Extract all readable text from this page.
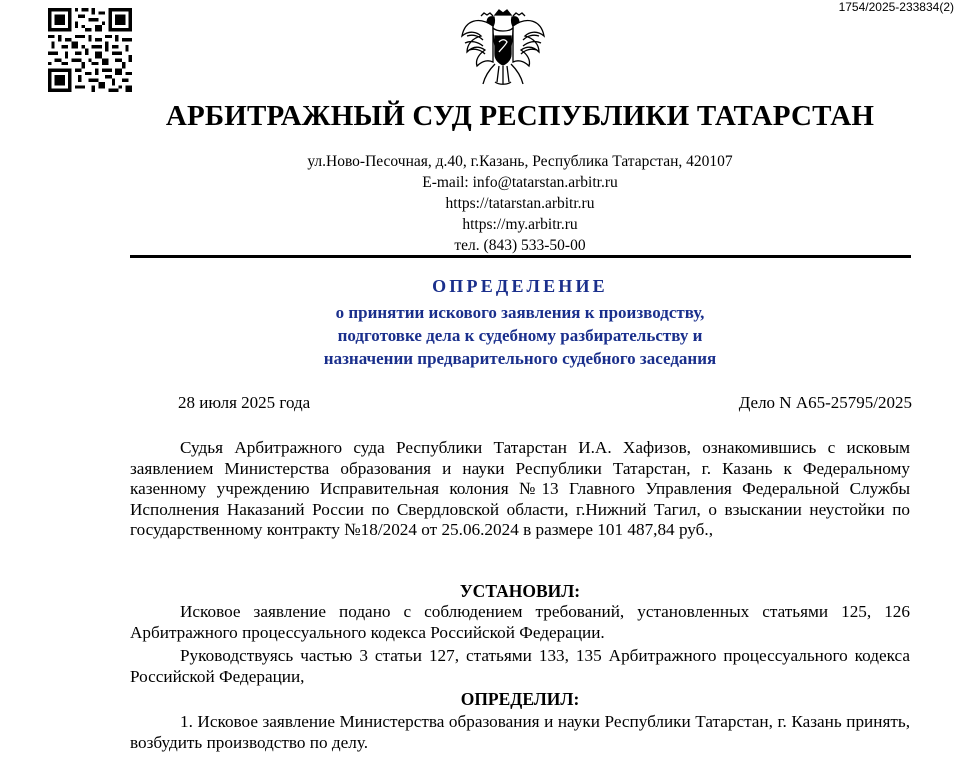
1754/2025-233834(2)
АРБИТРАЖНЫЙ СУД РЕСПУБЛИКИ ТАТАРСТАН
ул.Ново-Песочная, д.40, г.Казань, Республика Татарстан, 420107
E-mail: info@tatarstan.arbitr.ru
https://tatarstan.arbitr.ru
https://my.arbitr.ru
тел. (843) 533-50-00
ОПРЕДЕЛЕНИЕ
о принятии искового заявления к производству,
подготовке дела к судебному разбирательству и
назначении предварительного судебного заседания
28 июля 2025 года	Дело N А65-25795/2025
Судья Арбитражного суда Республики Татарстан И.А. Хафизов, ознакомившись с исковым заявлением Министерства образования и науки Республики Татарстан, г. Казань к Федеральному казенному учреждению Исправительная колония №13 Главного Управления Федеральной Службы Исполнения Наказаний России по Свердловской области, г.Нижний Тагил, о взыскании неустойки по государственному контракту №18/2024 от 25.06.2024 в размере 101 487,84 руб.,
УСТАНОВИЛ:
Исковое заявление подано с соблюдением требований, установленных статьями 125, 126 Арбитражного процессуального кодекса Российской Федерации.
Руководствуясь частью 3 статьи 127, статьями 133, 135 Арбитражного процессуального кодекса Российской Федерации,
ОПРЕДЕЛИЛ:
1. Исковое заявление Министерства образования и науки Республики Татарстан, г. Казань принять, возбудить производство по делу.
